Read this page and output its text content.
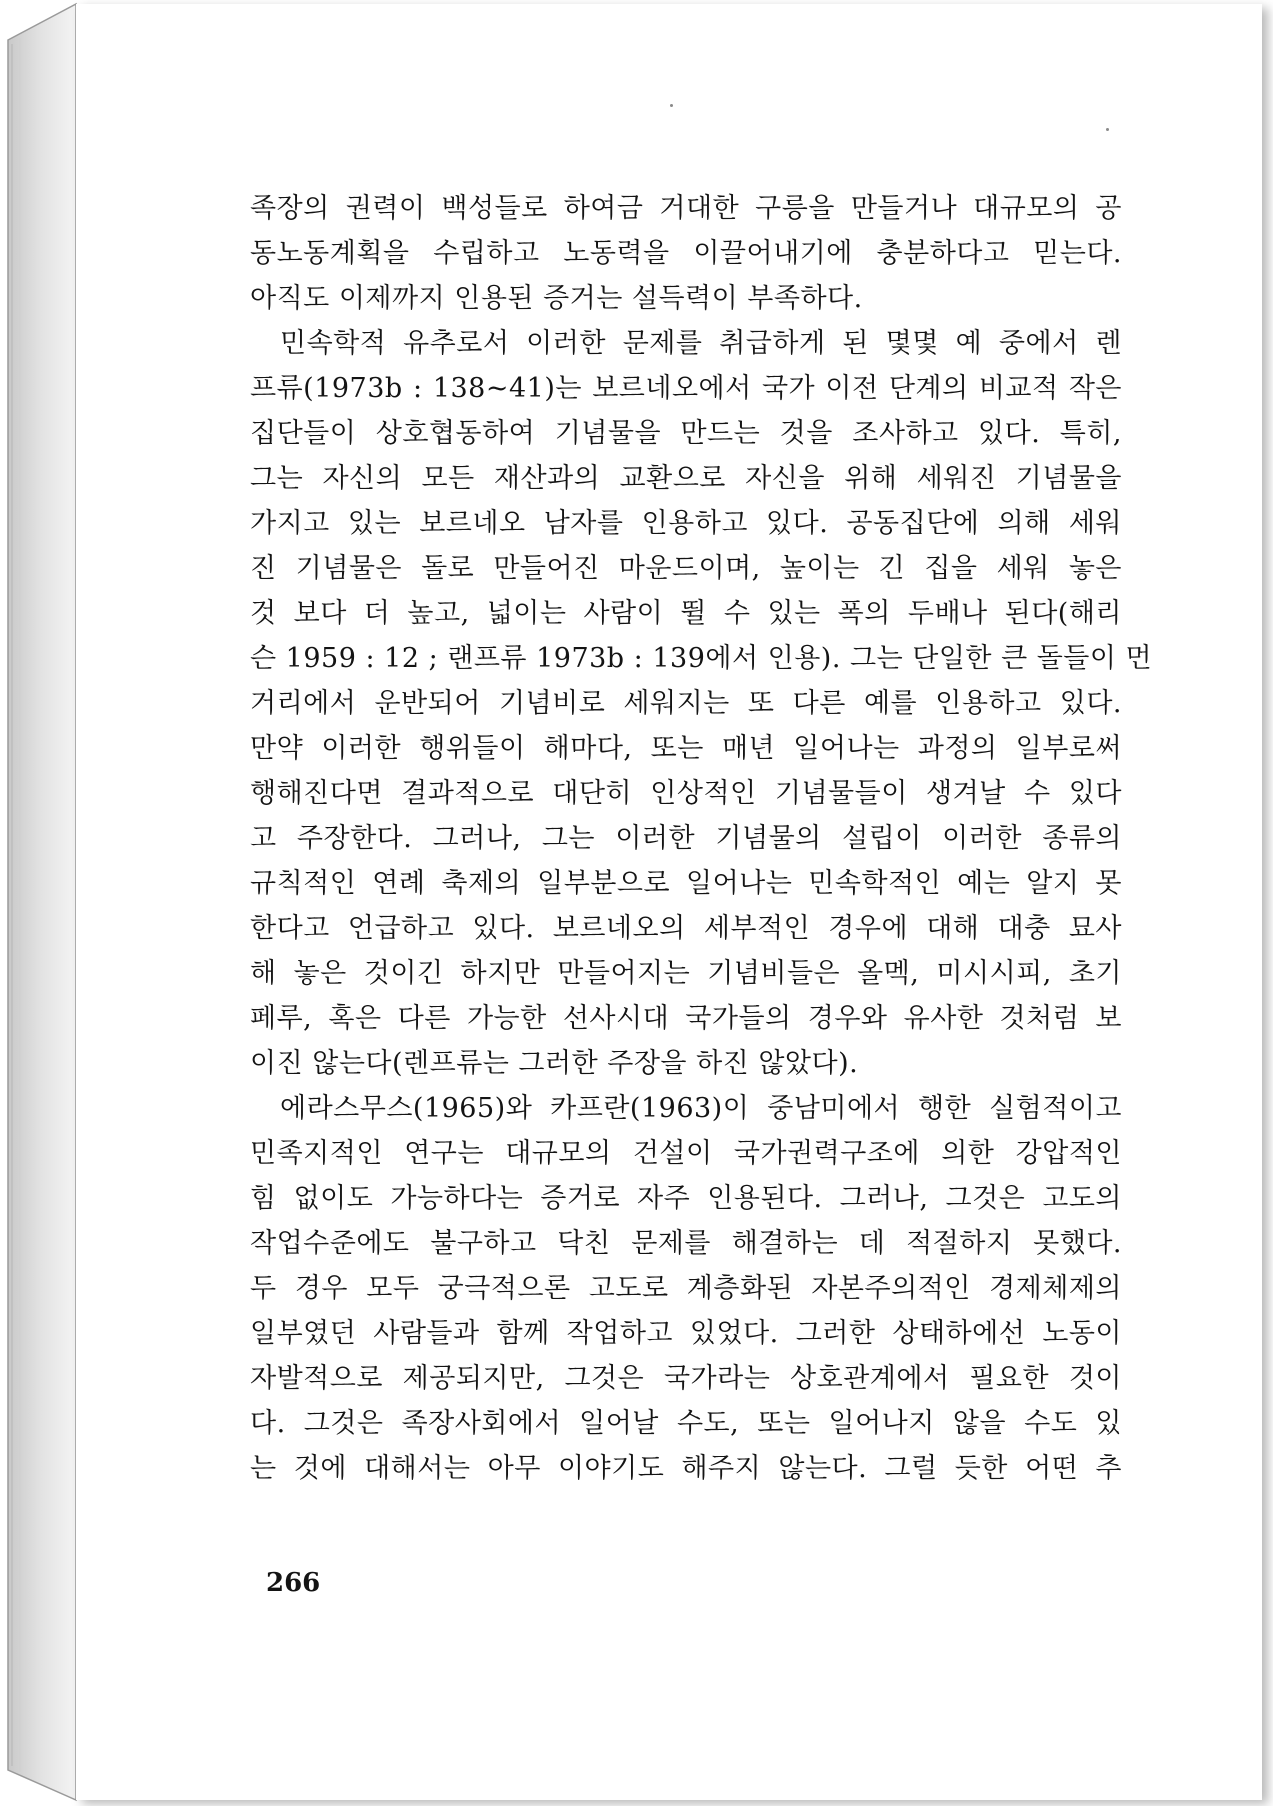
족장의 권력이 백성들로 하여금 거대한 구릉을 만들거나 대규모의 공
동노동계획을 수립하고 노동력을 이끌어내기에 충분하다고 믿는다.
아직도 이제까지 인용된 증거는 설득력이 부족하다.
민속학적 유추로서 이러한 문제를 취급하게 된 몇몇 예 중에서 렌
프류(1973b : 138~41)는 보르네오에서 국가 이전 단계의 비교적 작은
집단들이 상호협동하여 기념물을 만드는 것을 조사하고 있다. 특히,
그는 자신의 모든 재산과의 교환으로 자신을 위해 세워진 기념물을
가지고 있는 보르네오 남자를 인용하고 있다. 공동집단에 의해 세워
진 기념물은 돌로 만들어진 마운드이며, 높이는 긴 집을 세워 놓은
것 보다 더 높고, 넓이는 사람이 뛸 수 있는 폭의 두배나 된다(해리
슨 1959 : 12 ; 랜프류 1973b : 139에서 인용). 그는 단일한 큰 돌들이 먼
거리에서 운반되어 기념비로 세워지는 또 다른 예를 인용하고 있다.
만약 이러한 행위들이 해마다, 또는 매년 일어나는 과정의 일부로써
행해진다면 결과적으로 대단히 인상적인 기념물들이 생겨날 수 있다
고 주장한다. 그러나, 그는 이러한 기념물의 설립이 이러한 종류의
규칙적인 연례 축제의 일부분으로 일어나는 민속학적인 예는 알지 못
한다고 언급하고 있다. 보르네오의 세부적인 경우에 대해 대충 묘사
해 놓은 것이긴 하지만 만들어지는 기념비들은 올멕, 미시시피, 초기
페루, 혹은 다른 가능한 선사시대 국가들의 경우와 유사한 것처럼 보
이진 않는다(렌프류는 그러한 주장을 하진 않았다).
에라스무스(1965)와 카프란(1963)이 중남미에서 행한 실험적이고
민족지적인 연구는 대규모의 건설이 국가권력구조에 의한 강압적인
힘 없이도 가능하다는 증거로 자주 인용된다. 그러나, 그것은 고도의
작업수준에도 불구하고 닥친 문제를 해결하는 데 적절하지 못했다.
두 경우 모두 궁극적으론 고도로 계층화된 자본주의적인 경제체제의
일부였던 사람들과 함께 작업하고 있었다. 그러한 상태하에선 노동이
자발적으로 제공되지만, 그것은 국가라는 상호관계에서 필요한 것이
다. 그것은 족장사회에서 일어날 수도, 또는 일어나지 않을 수도 있
는 것에 대해서는 아무 이야기도 해주지 않는다. 그럴 듯한 어떤 추
266
